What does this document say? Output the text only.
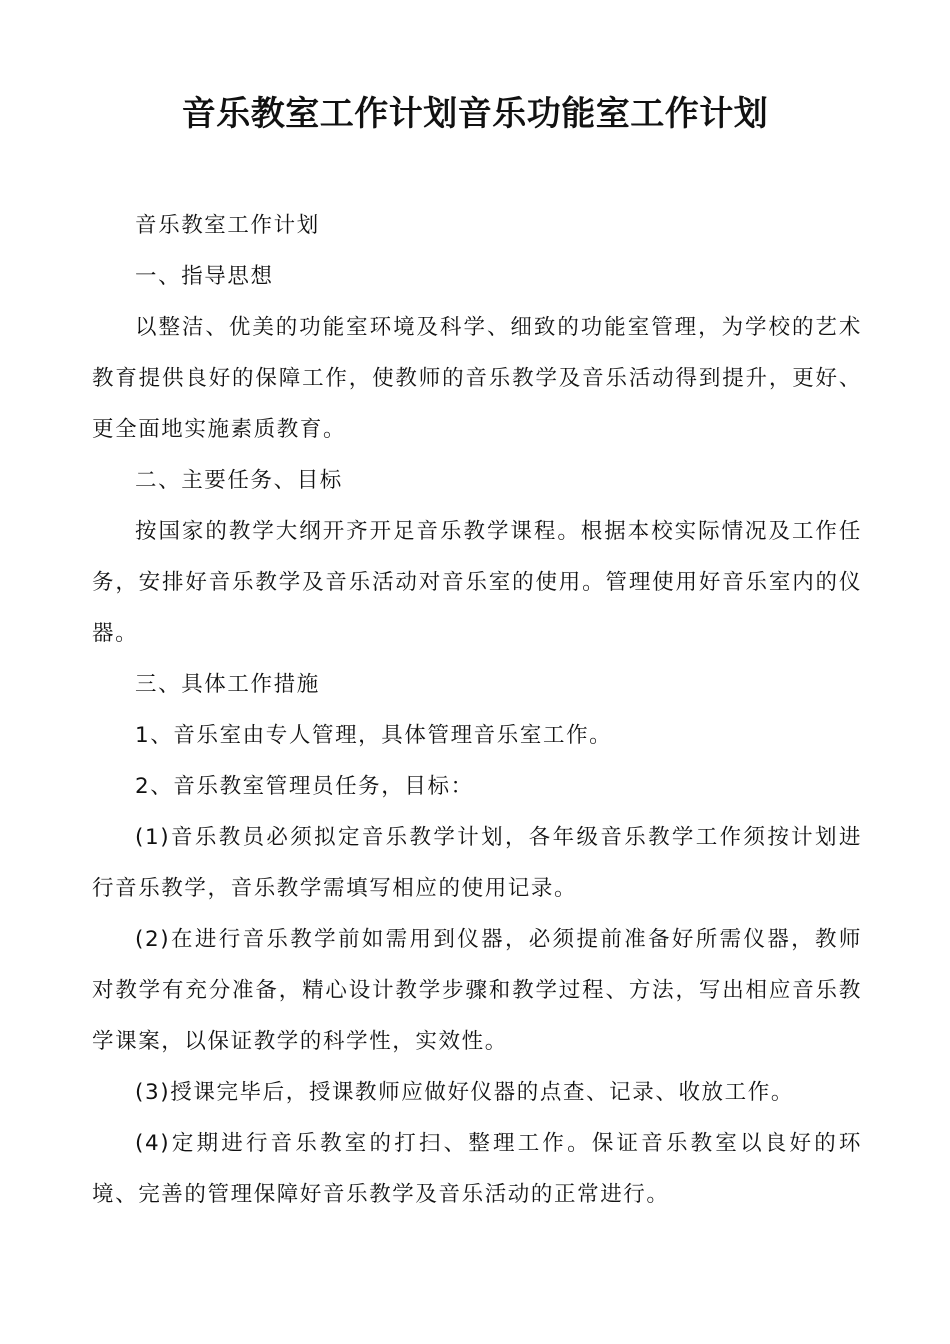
音乐教室工作计划音乐功能室工作计划

音乐教室工作计划

一、指导思想

以整洁、优美的功能室环境及科学、细致的功能室管理，为学校的艺术教育提供良好的保障工作，使教师的音乐教学及音乐活动得到提升，更好、更全面地实施素质教育。

二、主要任务、目标

按国家的教学大纲开齐开足音乐教学课程。根据本校实际情况及工作任务，安排好音乐教学及音乐活动对音乐室的使用。管理使用好音乐室内的仪器。

三、具体工作措施

1、音乐室由专人管理，具体管理音乐室工作。

2、音乐教室管理员任务，目标：

(1)音乐教员必须拟定音乐教学计划，各年级音乐教学工作须按计划进行音乐教学，音乐教学需填写相应的使用记录。

(2)在进行音乐教学前如需用到仪器，必须提前准备好所需仪器，教师对教学有充分准备，精心设计教学步骤和教学过程、方法，写出相应音乐教学课案，以保证教学的科学性，实效性。

(3)授课完毕后，授课教师应做好仪器的点查、记录、收放工作。

(4)定期进行音乐教室的打扫、整理工作。保证音乐教室以良好的环境、完善的管理保障好音乐教学及音乐活动的正常进行。
